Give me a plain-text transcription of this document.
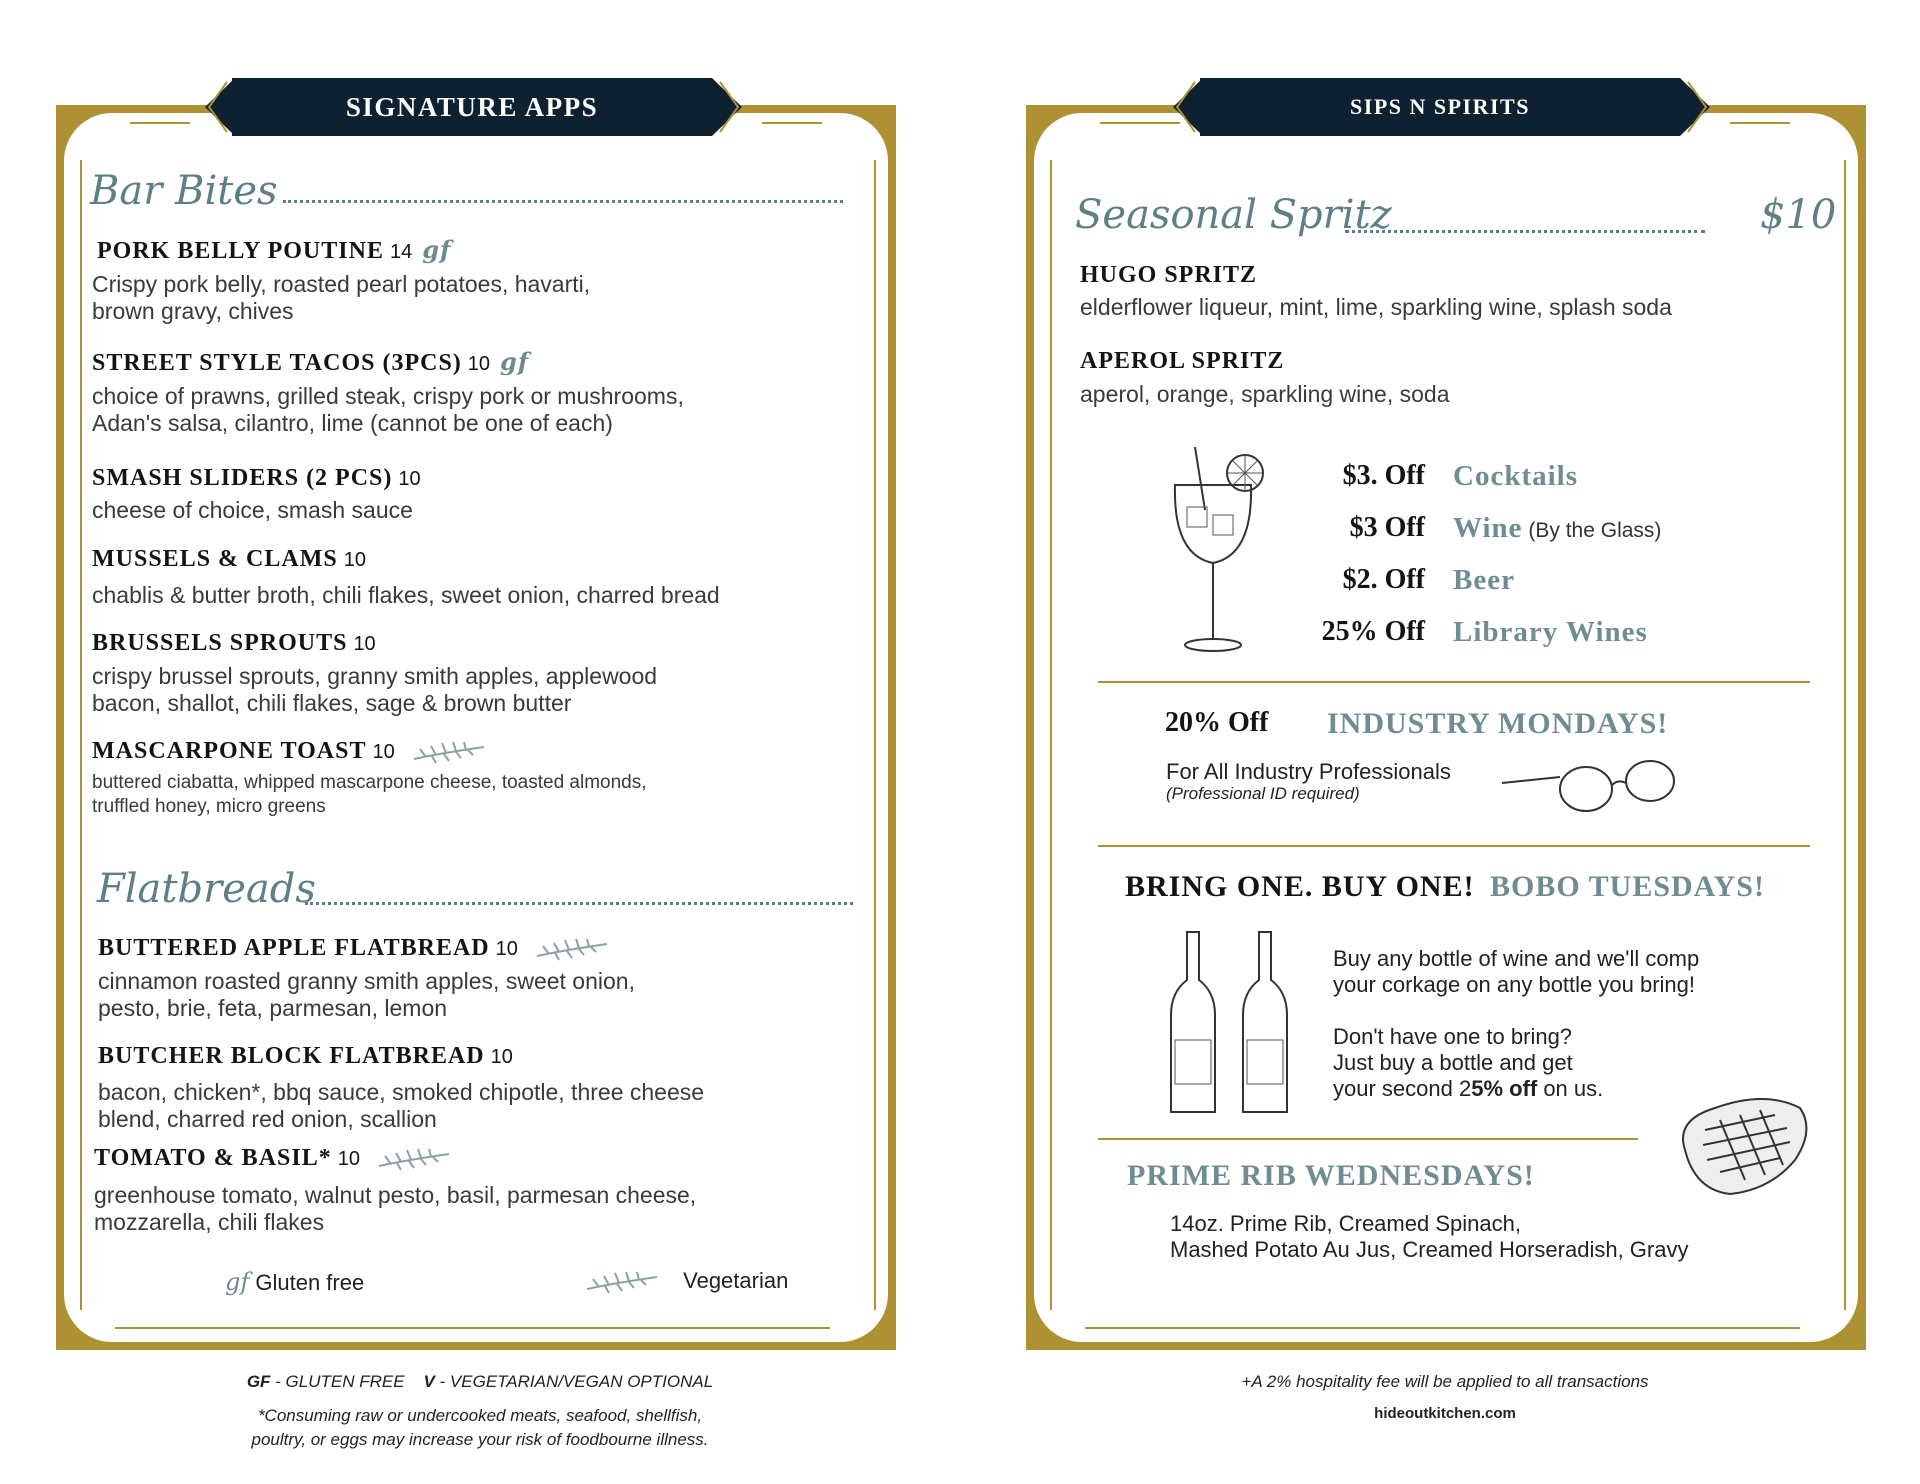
SIGNATURE APPS
Bar Bites
PORK BELLY POUTINE 14 gf
Crispy pork belly, roasted pearl potatoes, havarti,
brown gravy, chives
STREET STYLE TACOS (3PCS) 10 gf
choice of prawns, grilled steak, crispy pork or mushrooms,
Adan's salsa, cilantro, lime (cannot be one of each)
SMASH SLIDERS (2 PCS) 10
cheese of choice, smash sauce
MUSSELS & CLAMS 10
chablis & butter broth, chili flakes, sweet onion, charred bread
BRUSSELS SPROUTS 10
crispy brussel sprouts, granny smith apples, applewood
bacon, shallot, chili flakes, sage & brown butter
MASCARPONE TOAST 10
buttered ciabatta, whipped mascarpone cheese, toasted almonds,
truffled honey, micro greens
Flatbreads
BUTTERED APPLE FLATBREAD 10
cinnamon roasted granny smith apples, sweet onion,
pesto, brie, feta, parmesan, lemon
BUTCHER BLOCK FLATBREAD 10
bacon, chicken*, bbq sauce, smoked chipotle, three cheese
blend, charred red onion, scallion
TOMATO & BASIL* 10
greenhouse tomato, walnut pesto, basil, parmesan cheese,
mozzarella, chili flakes
gf Gluten free	Vegetarian
GF - GLUTEN FREE V - VEGETARIAN/VEGAN OPTIONAL
*Consuming raw or undercooked meats, seafood, shellfish,
poultry, or eggs may increase your risk of foodbourne illness.
SIPS N SPIRITS
Seasonal Spritz	$10
HUGO SPRITZ
elderflower liqueur, mint, lime, sparkling wine, splash soda
APEROL SPRITZ
aperol, orange, sparkling wine, soda
$3. Off Cocktails
$3 Off Wine (By the Glass)
$2. Off Beer
25% Off Library Wines
20% Off	INDUSTRY MONDAYS!
For All Industry Professionals
(Professional ID required)
BRING ONE. BUY ONE! BOBO TUESDAYS!
Buy any bottle of wine and we'll comp
your corkage on any bottle you bring!
Don't have one to bring?
Just buy a bottle and get
your second 25% off on us.
PRIME RIB WEDNESDAYS!
14oz. Prime Rib, Creamed Spinach,
Mashed Potato Au Jus, Creamed Horseradish, Gravy
+A 2% hospitality fee will be applied to all transactions
hideoutkitchen.com
